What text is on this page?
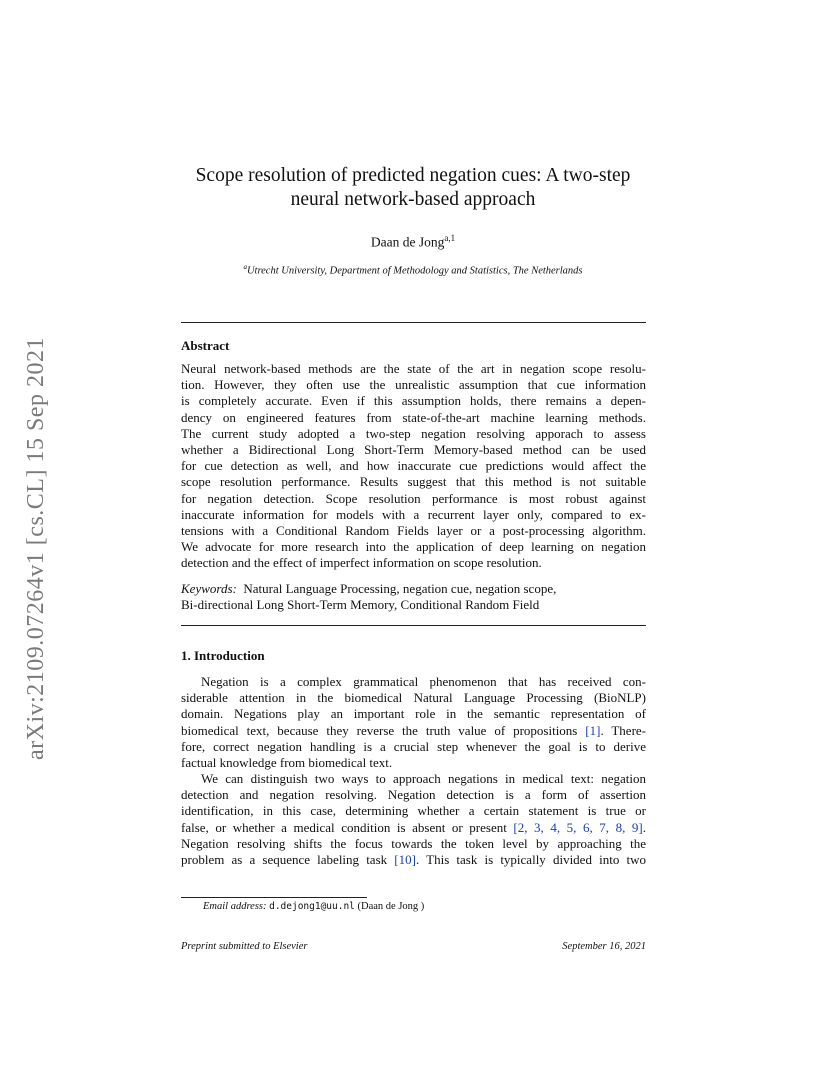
arXiv:2109.07264v1 [cs.CL] 15 Sep 2021
Scope resolution of predicted negation cues: A two-step
neural network-based approach
Daan de Jong$^{a,1}$
$^a$Utrecht University, Department of Methodology and Statistics, The Netherlands
Abstract
Neural network-based methods are the state of the art in negation scope resolu-
tion. However, they often use the unrealistic assumption that cue information
is completely accurate. Even if this assumption holds, there remains a depen-
dency on engineered features from state-of-the-art machine learning methods.
The current study adopted a two-step negation resolving apporach to assess
whether a Bidirectional Long Short-Term Memory-based method can be used
for cue detection as well, and how inaccurate cue predictions would affect the
scope resolution performance. Results suggest that this method is not suitable
for negation detection. Scope resolution performance is most robust against
inaccurate information for models with a recurrent layer only, compared to ex-
tensions with a Conditional Random Fields layer or a post-processing algorithm.
We advocate for more research into the application of deep learning on negation
detection and the effect of imperfect information on scope resolution.
Keywords: Natural Language Processing, negation cue, negation scope,
Bi-directional Long Short-Term Memory, Conditional Random Field
1. Introduction
Negation is a complex grammatical phenomenon that has received con-
siderable attention in the biomedical Natural Language Processing (BioNLP)
domain. Negations play an important role in the semantic representation of
biomedical text, because they reverse the truth value of propositions [1]. There-
fore, correct negation handling is a crucial step whenever the goal is to derive
factual knowledge from biomedical text.
We can distinguish two ways to approach negations in medical text: negation
detection and negation resolving. Negation detection is a form of assertion
identification, in this case, determining whether a certain statement is true or
false, or whether a medical condition is absent or present [2, 3, 4, 5, 6, 7, 8, 9].
Negation resolving shifts the focus towards the token level by approaching the
problem as a sequence labeling task [10]. This task is typically divided into two
Email address: d.dejong1@uu.nl (Daan de Jong )
Preprint submitted to Elsevier	September 16, 2021
